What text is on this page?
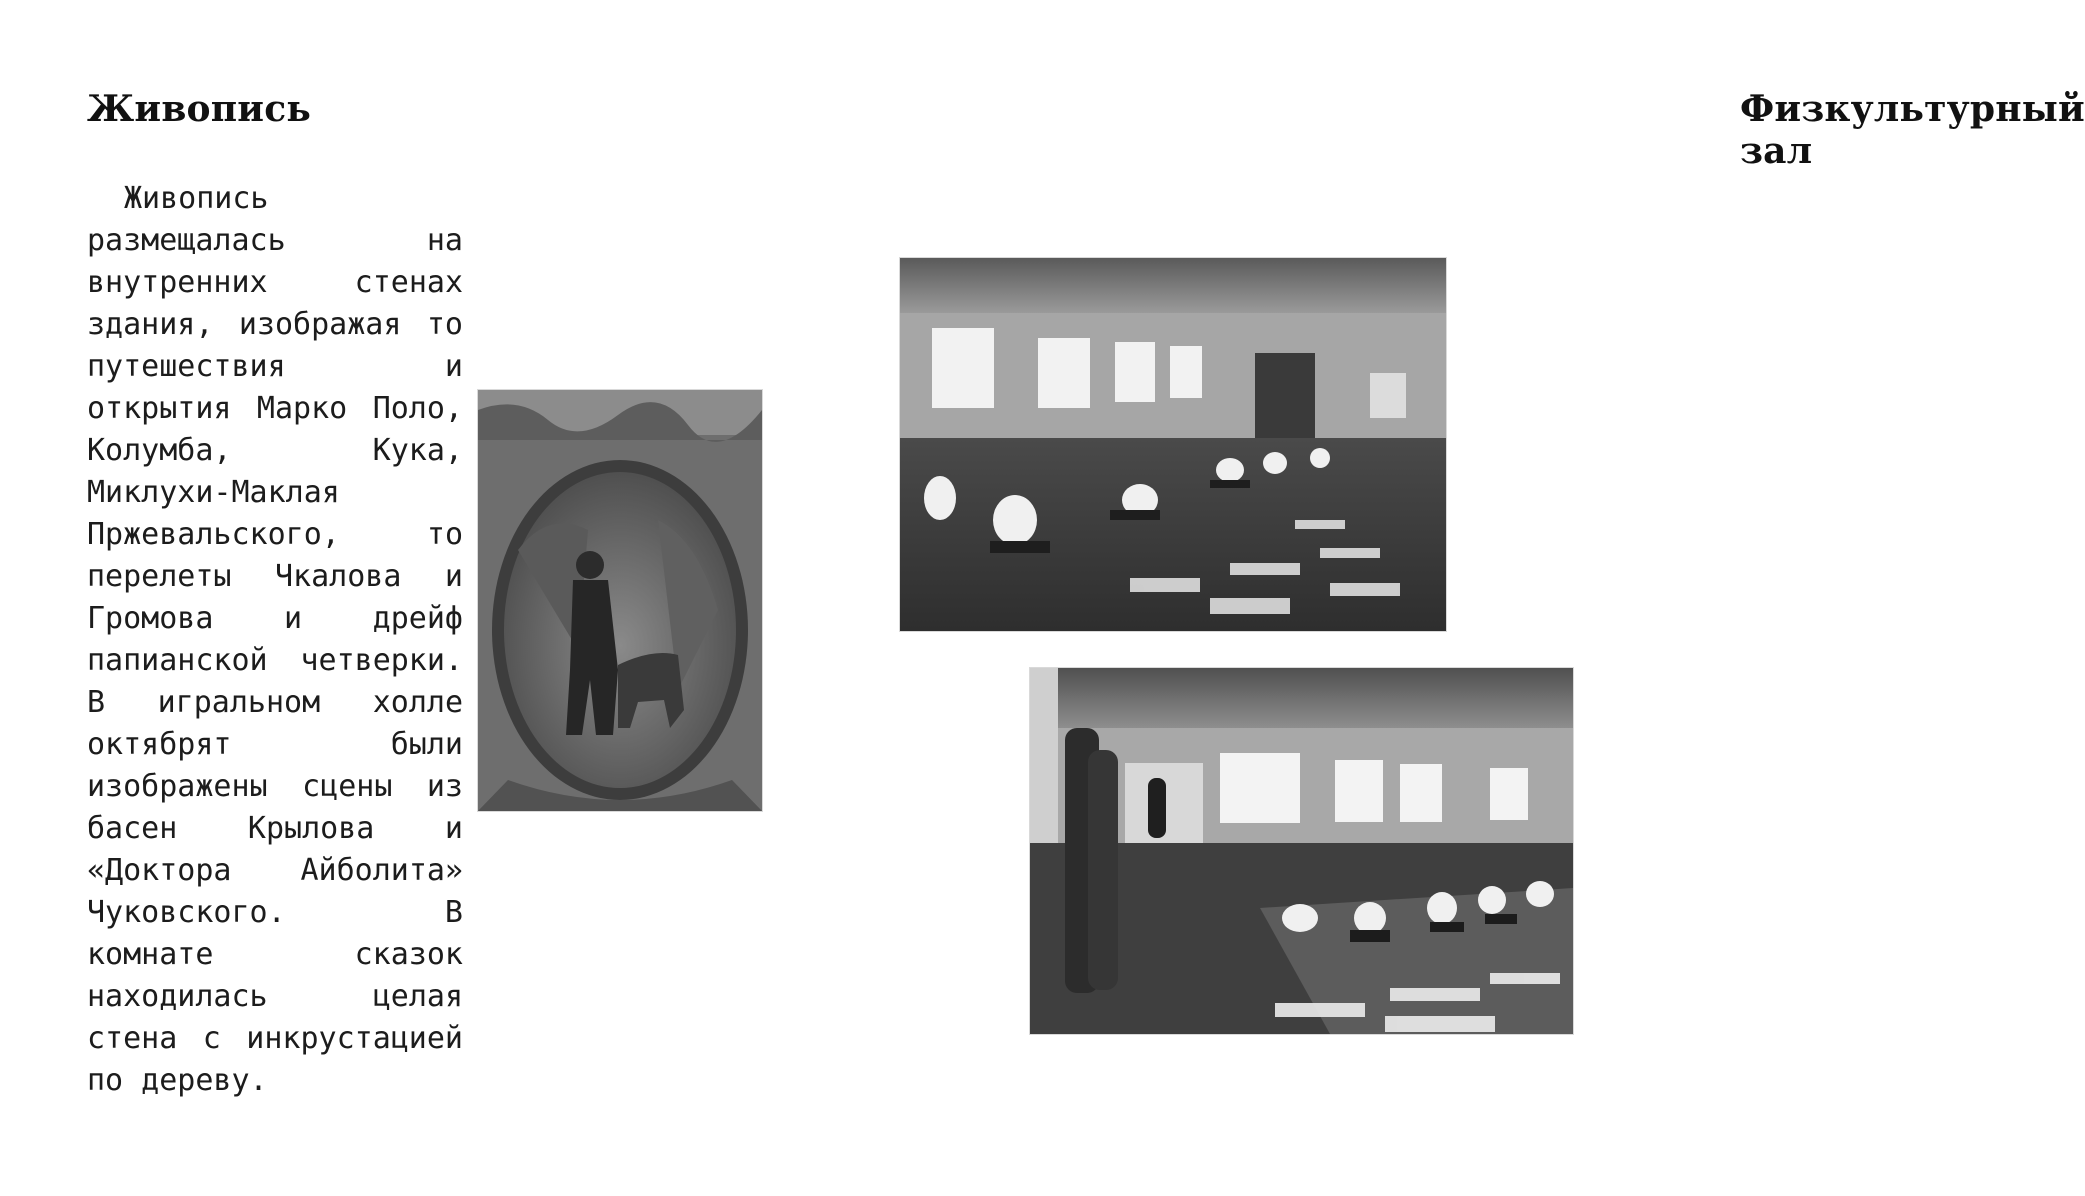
Живопись

Живопись размещалась на внутренних стенах здания, изображая то путешествия и открытия Марко Поло, Колумба, Кука, Миклухи-Маклая Пржевальского, то перелеты Чкалова и Громова и дрейф папианской четверки. В игральном холле октябрят были изображены сцены из басен Крылова и «Доктора Айболита» Чуковского. В комнате сказок находилась целая стена с инкрустацией по дереву.

Физкультурный зал
